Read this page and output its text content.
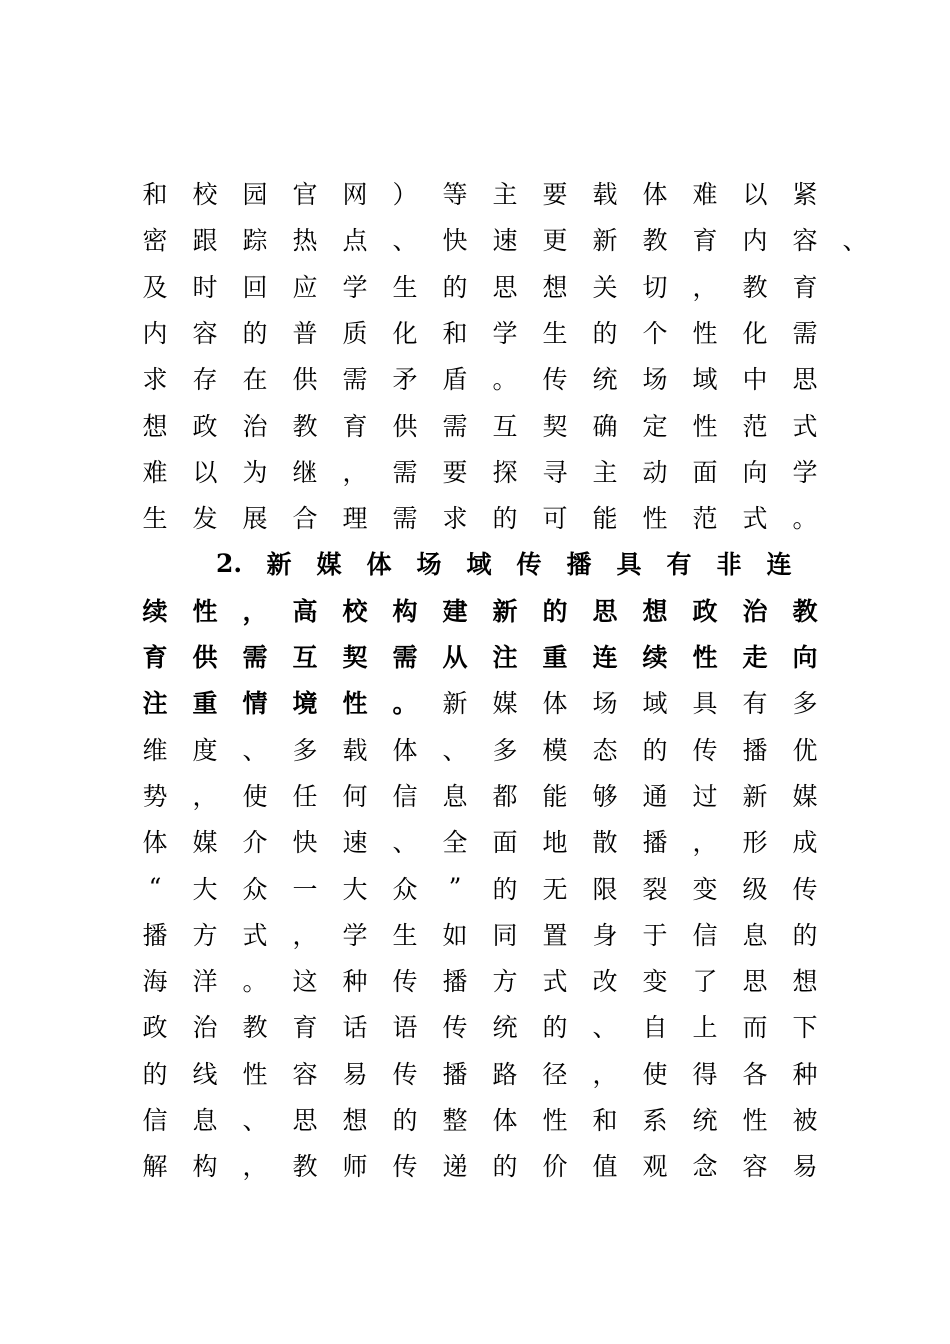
和 校 园 官 网 ） 等 主 要 载 体 难 以 紧
密 跟 踪 热 点 、 快 速 更 新 教 育 内 容 、
及 时 回 应 学 生 的 思 想 关 切 ， 教 育
内 容 的 普 质 化 和 学 生 的 个 性 化 需
求 存 在 供 需 矛 盾 。 传 统 场 域 中 思
想 政 治 教 育 供 需 互 契 确 定 性 范 式
难 以 为 继 ， 需 要 探 寻 主 动 面 向 学
生 发 展 合 理 需 求 的 可 能 性 范 式 。
2. 新 媒 体 场 域 传 播 具 有 非 连
续 性 ， 高 校 构 建 新 的 思 想 政 治 教
育 供 需 互 契 需 从 注 重 连 续 性 走 向
注 重 情 境 性 。 新 媒 体 场 域 具 有 多
维 度 、 多 载 体 、 多 模 态 的 传 播 优
势 ， 使 任 何 信 息 都 能 够 通 过 新 媒
体 媒 介 快 速 、 全 面 地 散 播 ， 形 成
“	大 众 一 大 众	”	的 无 限 裂 变 级 传
播 方 式 ， 学 生 如 同 置 身 于 信 息 的
海 洋 。 这 种 传 播 方 式 改 变 了 思 想
政 治 教 育 话 语 传 统 的 、 自 上 而 下
的 线 性 容 易 传 播 路 径 ， 使 得 各 种
信 息 、 思 想 的 整 体 性 和 系 统 性 被
解 构 ， 教 师 传 递 的 价 值 观 念 容 易
